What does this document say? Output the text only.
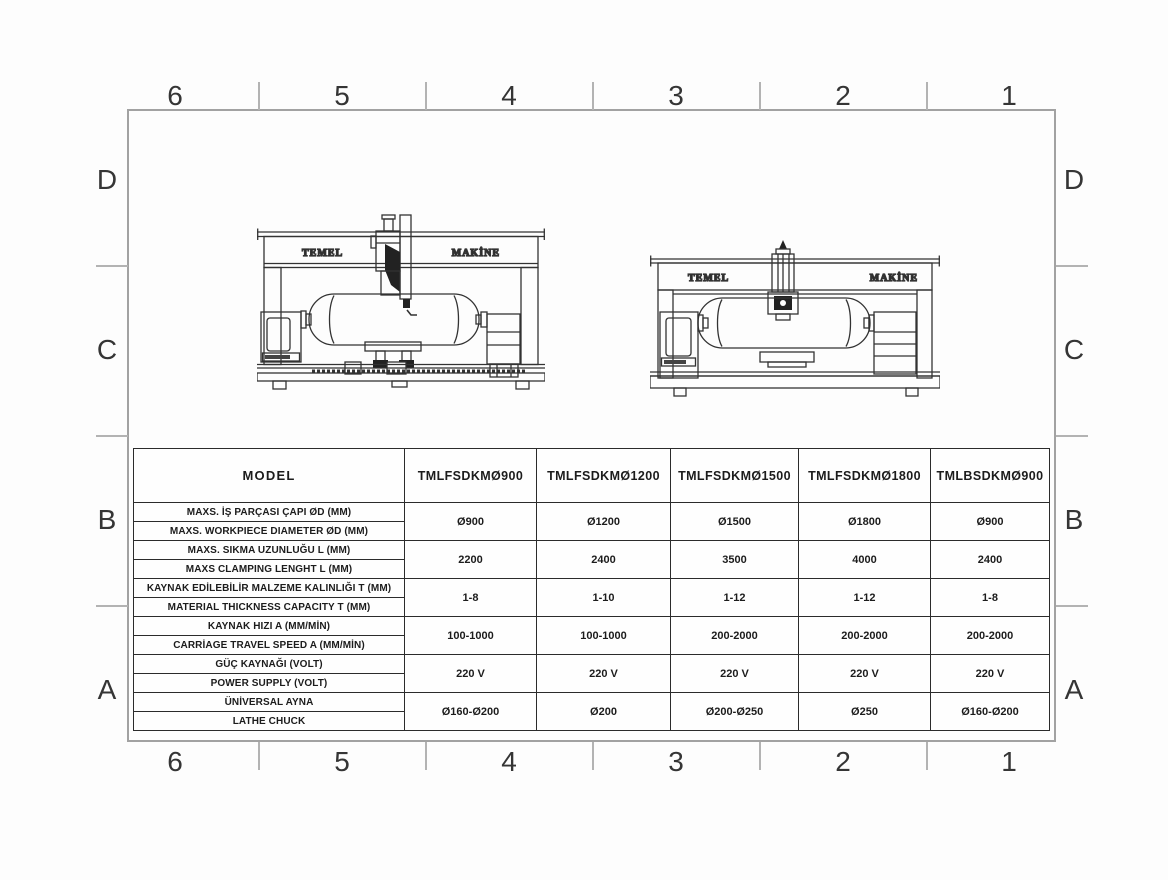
6	5	4	3	2	1
6	5	4	3	2	1
D
C
B
A
D
C
B
A
TEMEL	MAKİNE
TEMEL	MAKİNE
MODEL	TMLFSDKMØ900	TMLFSDKMØ1200	TMLFSDKMØ1500	TMLFSDKMØ1800	TMLBSDKMØ900
MAXS. İŞ PARÇASI ÇAPI ØD (MM)	Ø900	Ø1200	Ø1500	Ø1800	Ø900
MAXS. WORKPIECE DIAMETER ØD (MM)					
MAXS. SIKMA UZUNLUĞU L (MM)	2200	2400	3500	4000	2400
MAXS CLAMPING LENGHT L (MM)					
KAYNAK EDİLEBİLİR MALZEME KALINLIĞI T (MM)	1-8	1-10	1-12	1-12	1-8
MATERIAL THICKNESS CAPACITY T (MM)					
KAYNAK HIZI A (MM/MİN)	100-1000	100-1000	200-2000	200-2000	200-2000
CARRİAGE TRAVEL SPEED A (MM/MİN)					
GÜÇ KAYNAĞI (VOLT)	220 V	220 V	220 V	220 V	220 V
POWER SUPPLY (VOLT)					
ÜNİVERSAL AYNA	Ø160-Ø200	Ø200	Ø200-Ø250	Ø250	Ø160-Ø200
LATHE CHUCK					
